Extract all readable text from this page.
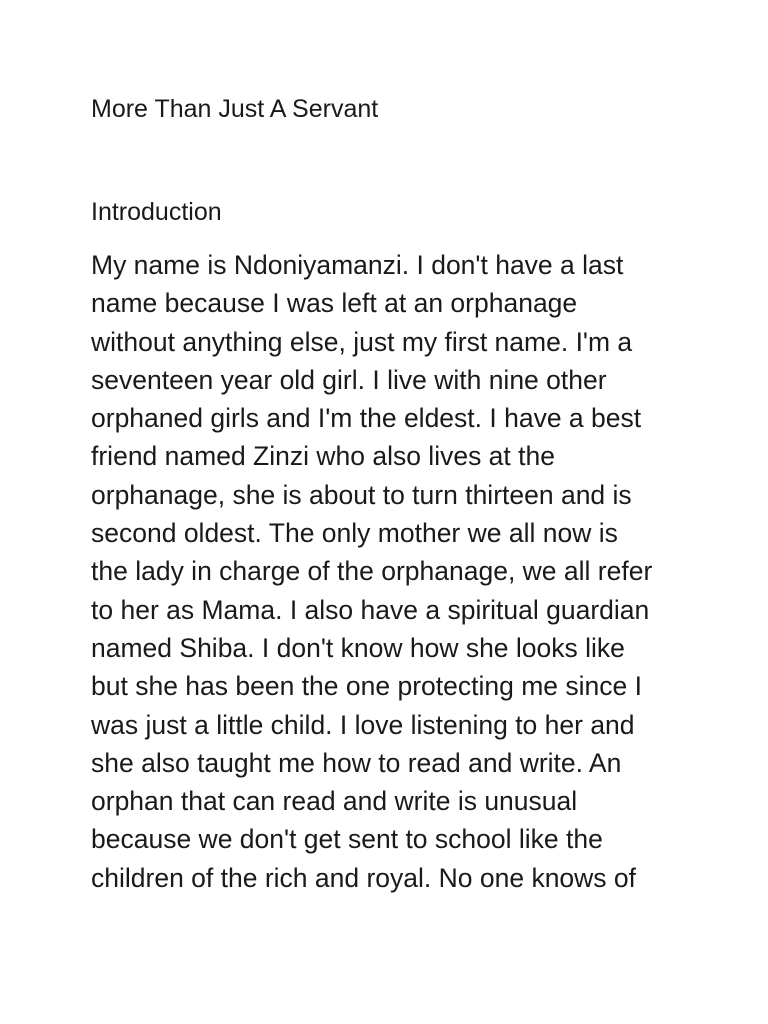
More Than Just A Servant
Introduction

My name is Ndoniyamanzi. I don't have a last
name because I was left at an orphanage
without anything else, just my first name. I'm a
seventeen year old girl. I live with nine other
orphaned girls and I'm the eldest. I have a best
friend named Zinzi who also lives at the
orphanage, she is about to turn thirteen and is
second oldest. The only mother we all now is
the lady in charge of the orphanage, we all refer
to her as Mama. I also have a spiritual guardian
named Shiba. I don't know how she looks like
but she has been the one protecting me since I
was just a little child. I love listening to her and
she also taught me how to read and write. An
orphan that can read and write is unusual
because we don't get sent to school like the
children of the rich and royal. No one knows of
